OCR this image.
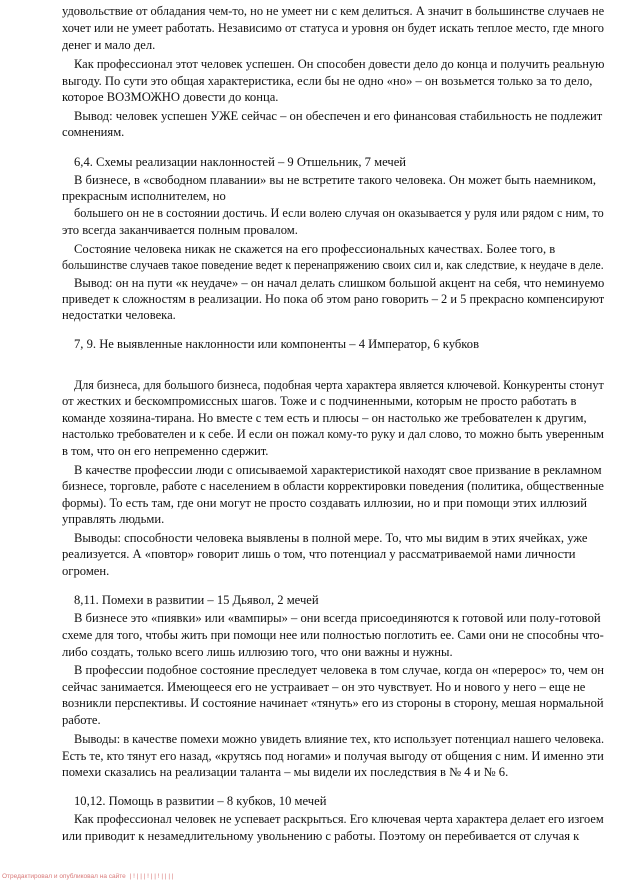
удовольствие от обладания чем-то, но не умеет ни с кем делиться. А значит в большинстве случаев не
хочет или не умеет работать. Независимо от статуса и уровня он будет искать теплое место, где много
денег и мало дел.
Как профессионал этот человек успешен. Он способен довести дело до конца и получить реальную
выгоду. По сути это общая характеристика, если бы не одно «но» – он возьмется только за то дело,
которое ВОЗМОЖНО довести до конца.
Вывод: человек успешен УЖЕ сейчас – он обеспечен и его финансовая стабильность не подлежит
сомнениям.
6,4. Схемы реализации наклонностей – 9 Отшельник, 7 мечей
В бизнесе, в «свободном плавании» вы не встретите такого человека. Он может быть наемником,
прекрасным исполнителем, но
большего он не в состоянии достичь. И если волею случая он оказывается у руля или рядом с ним, то
это всегда заканчивается полным провалом.
Состояние человека никак не скажется на его профессиональных качествах. Более того, в
большинстве случаев такое поведение ведет к перенапряжению своих сил и, как следствие, к неудаче в деле.
Вывод: он на пути «к неудаче» – он начал делать слишком большой акцент на себя, что неминуемо
приведет к сложностям в реализации. Но пока об этом рано говорить – 2 и 5 прекрасно компенсируют
недостатки человека.
7, 9. Не выявленные наклонности или компоненты – 4 Император, 6 кубков
Для бизнеса, для большого бизнеса, подобная черта характера является ключевой. Конкуренты стонут
от жестких и бескомпромиссных шагов. Тоже и с подчиненными, которым не просто работать в
команде хозяина-тирана. Но вместе с тем есть и плюсы – он настолько же требователен к другим,
настолько требователен и к себе. И если он пожал кому-то руку и дал слово, то можно быть уверенным
в том, что он его непременно сдержит.
В качестве профессии люди с описываемой характеристикой находят свое призвание в рекламном
бизнесе, торговле, работе с населением в области корректировки поведения (политика, общественные
формы). То есть там, где они могут не просто создавать иллюзии, но и при помощи этих иллюзий
управлять людьми.
Выводы: способности человека выявлены в полной мере. То, что мы видим в этих ячейках, уже
реализуется. А «повтор» говорит лишь о том, что потенциал у рассматриваемой нами личности
огромен.
8,11. Помехи в развитии – 15 Дьявол, 2 мечей
В бизнесе это «пиявки» или «вампиры» – они всегда присоединяются к готовой или полу-готовой
схеме для того, чтобы жить при помощи нее или полностью поглотить ее. Сами они не способны что-
либо создать, только всего лишь иллюзию того, что они важны и нужны.
В профессии подобное состояние преследует человека в том случае, когда он «перерос» то, чем он
сейчас занимается. Имеющееся его не устраивает – он это чувствует. Но и нового у него – еще не
возникли перспективы. И состояние начинает «тянуть» его из стороны в сторону, мешая нормальной
работе.
Выводы: в качестве помехи можно увидеть влияние тех, кто использует потенциал нашего человека.
Есть те, кто тянут его назад, «крутясь под ногами» и получая выгоду от общения с ним. И именно эти
помехи сказались на реализации таланта – мы видели их последствия в № 4 и № 6.
10,12. Помощь в развитии – 8 кубков, 10 мечей
Как профессионал человек не успевает раскрыться. Его ключевая черта характера делает его изгоем
или приводит к незамедлительному увольнению с работы. Поэтому он перебивается от случая к
Отредактировал и опубликовал на сайте | ! | | | ! | | ! | | | |
